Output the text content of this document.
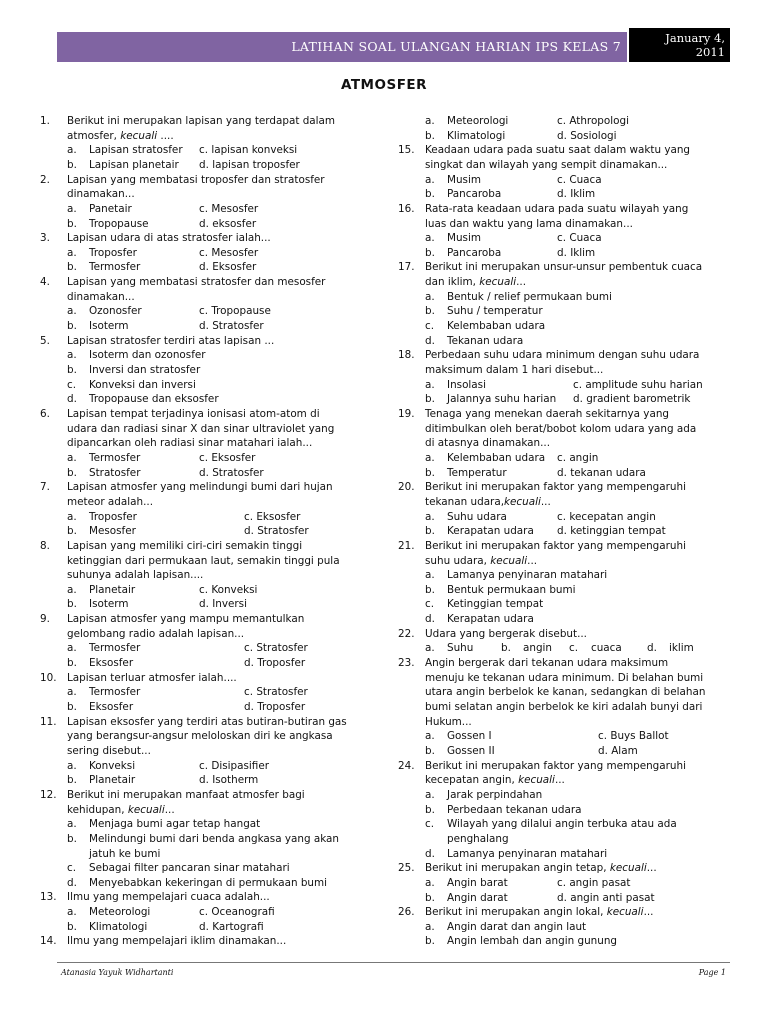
LATIHAN SOAL ULANGAN HARIAN IPS KELAS 7
January 4,
2011
ATMOSFER
1. Berikut ini merupakan lapisan yang terdapat dalam
atmosfer, kecuali ....
a. Lapisan stratosfer c. lapisan konveksi
b. Lapisan planetair d. lapisan troposfer
2. Lapisan yang membatasi troposfer dan stratosfer
dinamakan...
a. Panetair	c. Mesosfer
b. Tropopause	d. eksosfer
3. Lapisan udara di atas stratosfer ialah...
a. Troposfer	c. Mesosfer
b. Termosfer	d. Eksosfer
4. Lapisan yang membatasi stratosfer dan mesosfer
dinamakan...
a. Ozonosfer	c. Tropopause
b. Isoterm	d. Stratosfer
5. Lapisan stratosfer terdiri atas lapisan ...
a. Isoterm dan ozonosfer
b. Inversi dan stratosfer
c. Konveksi dan inversi
d. Tropopause dan eksosfer
6. Lapisan tempat terjadinya ionisasi atom-atom di
udara dan radiasi sinar X dan sinar ultraviolet yang
dipancarkan oleh radiasi sinar matahari ialah...
a. Termosfer	c. Eksosfer
b. Stratosfer	d. Stratosfer
7. Lapisan atmosfer yang melindungi bumi dari hujan
meteor adalah...
a. Troposfer	c. Eksosfer
b. Mesosfer	d. Stratosfer
8. Lapisan yang memiliki ciri-ciri semakin tinggi
ketinggian dari permukaan laut, semakin tinggi pula
suhunya adalah lapisan....
a. Planetair	c. Konveksi
b. Isoterm	d. Inversi
9. Lapisan atmosfer yang mampu memantulkan
gelombang radio adalah lapisan...
a. Termosfer	c. Stratosfer
b. Eksosfer	d. Troposfer
10. Lapisan terluar atmosfer ialah....
a. Termosfer	c. Stratosfer
b. Eksosfer	d. Troposfer
11. Lapisan eksosfer yang terdiri atas butiran-butiran gas
yang berangsur-angsur meloloskan diri ke angkasa
sering disebut...
a. Konveksi	c. Disipasifier
b. Planetair	d. Isotherm
12. Berikut ini merupakan manfaat atmosfer bagi
kehidupan, kecuali...
a. Menjaga bumi agar tetap hangat
b. Melindungi bumi dari benda angkasa yang akan
jatuh ke bumi
c. Sebagai filter pancaran sinar matahari
d. Menyebabkan kekeringan di permukaan bumi
13. Ilmu yang mempelajari cuaca adalah...
a. Meteorologi	c. Oceanografi
b. Klimatologi	d. Kartografi
14. Ilmu yang mempelajari iklim dinamakan...
a. Meteorologi	c. Athropologi
b. Klimatologi	d. Sosiologi
15. Keadaan udara pada suatu saat dalam waktu yang
singkat dan wilayah yang sempit dinamakan...
a. Musim	c. Cuaca
b. Pancaroba	d. Iklim
16. Rata-rata keadaan udara pada suatu wilayah yang
luas dan waktu yang lama dinamakan...
a. Musim	c. Cuaca
b. Pancaroba	d. Iklim
17. Berikut ini merupakan unsur-unsur pembentuk cuaca
dan iklim, kecuali...
a. Bentuk / relief permukaan bumi
b. Suhu / temperatur
c. Kelembaban udara
d. Tekanan udara
18. Perbedaan suhu udara minimum dengan suhu udara
maksimum dalam 1 hari disebut...
a. Insolasi	c. amplitude suhu harian
b. Jalannya suhu harian d. gradient barometrik
19. Tenaga yang menekan daerah sekitarnya yang
ditimbulkan oleh berat/bobot kolom udara yang ada
di atasnya dinamakan...
a. Kelembaban udara c. angin
b. Temperatur	d. tekanan udara
20. Berikut ini merupakan faktor yang mempengaruhi
tekanan udara,kecuali...
a. Suhu udara	c. kecepatan angin
b. Kerapatan udara d. ketinggian tempat
21. Berikut ini merupakan faktor yang mempengaruhi
suhu udara, kecuali...
a. Lamanya penyinaran matahari
b. Bentuk permukaan bumi
c. Ketinggian tempat
d. Kerapatan udara
22. Udara yang bergerak disebut...
a. Suhu	b. angin c. cuaca d. iklim
23. Angin bergerak dari tekanan udara maksimum
menuju ke tekanan udara minimum. Di belahan bumi
utara angin berbelok ke kanan, sedangkan di belahan
bumi selatan angin berbelok ke kiri adalah bunyi dari
Hukum...
a. Gossen I	c. Buys Ballot
b. Gossen II	d. Alam
24. Berikut ini merupakan faktor yang mempengaruhi
kecepatan angin, kecuali...
a. Jarak perpindahan
b. Perbedaan tekanan udara
c. Wilayah yang dilalui angin terbuka atau ada
penghalang
d. Lamanya penyinaran matahari
25. Berikut ini merupakan angin tetap, kecuali...
a. Angin barat	c. angin pasat
b. Angin darat	d. angin anti pasat
26. Berikut ini merupakan angin lokal, kecuali...
a. Angin darat dan angin laut
b. Angin lembah dan angin gunung
Atanasia Yayuk Widhartanti	Page 1
